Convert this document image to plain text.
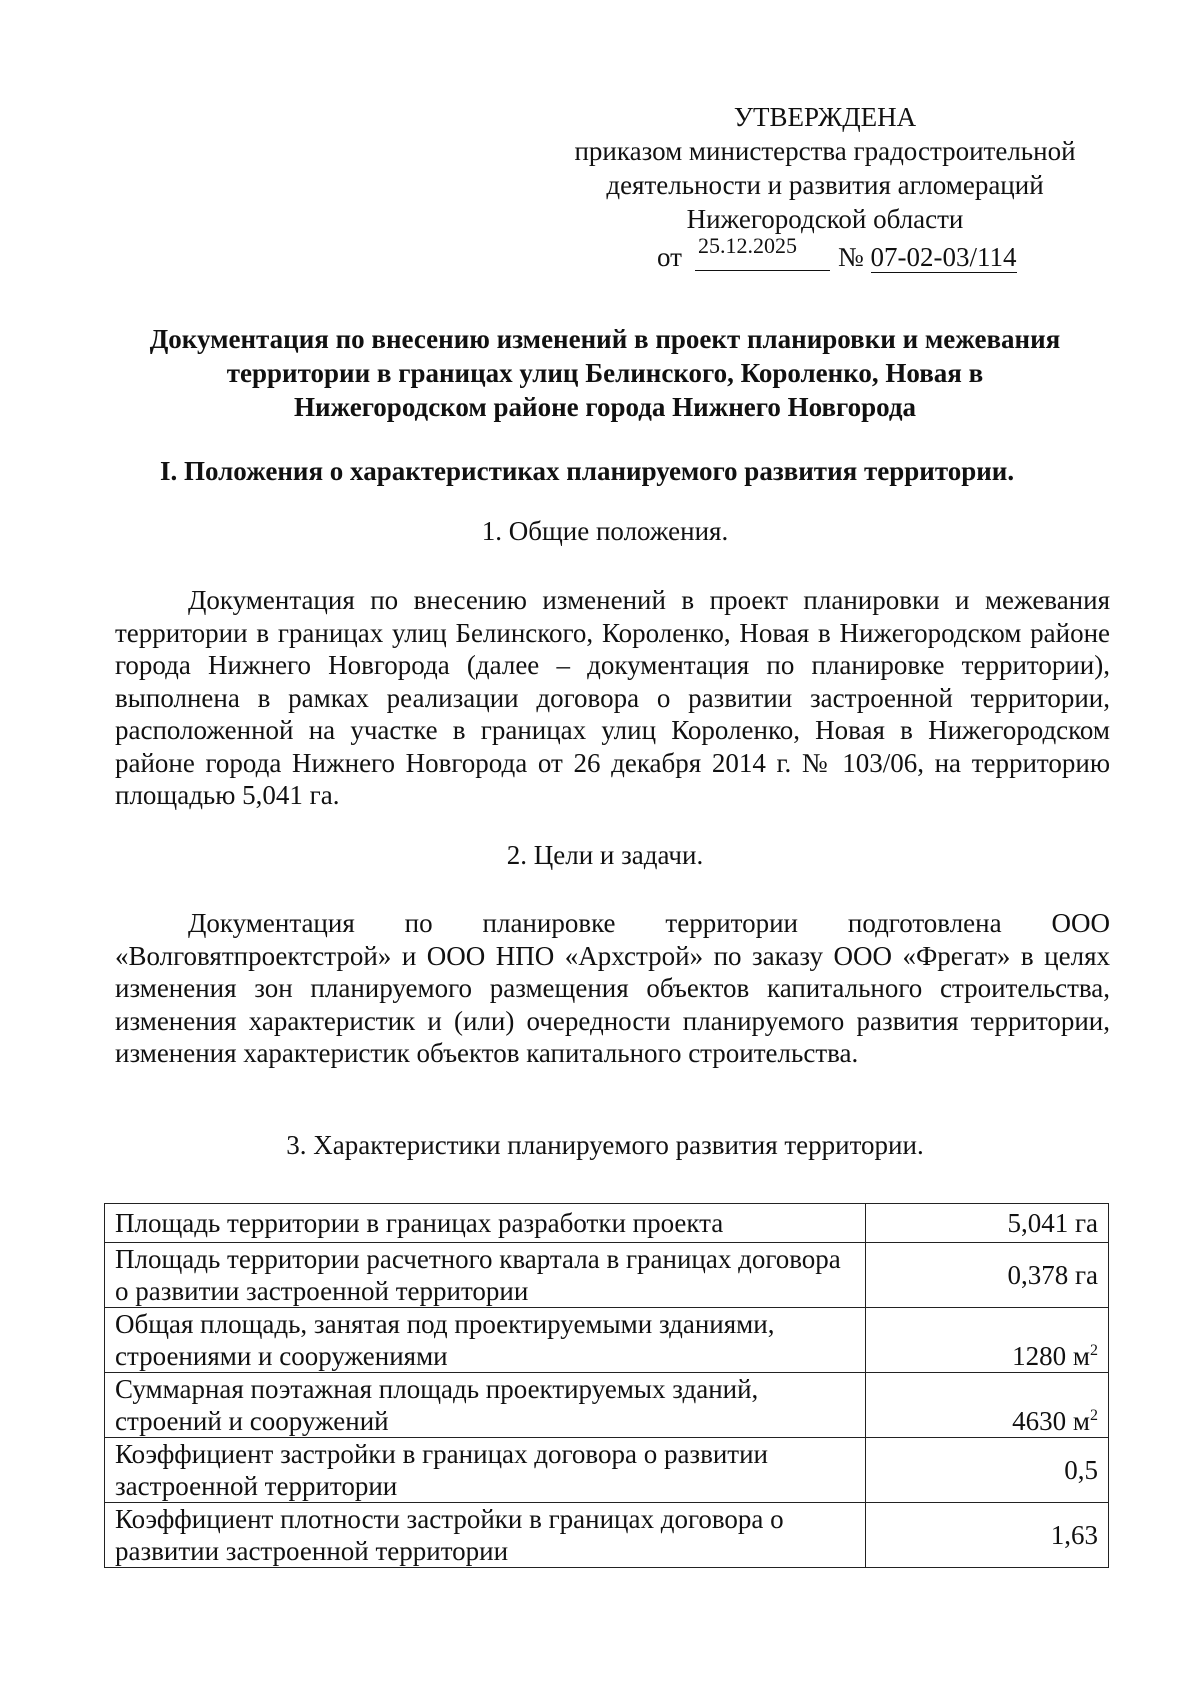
УТВЕРЖДЕНА
приказом министерства градостроительной
деятельности и развития агломераций
Нижегородской области
от 25.12.2025 № 07-02-03/114
Документация по внесению изменений в проект планировки и межевания
территории в границах улиц Белинского, Короленко, Новая в
Нижегородском районе города Нижнего Новгорода
I. Положения о характеристиках планируемого развития территории.
1. Общие положения.
Документация по внесению изменений в проект планировки и межевания территории в границах улиц Белинского, Короленко, Новая в Нижегородском районе города Нижнего Новгорода (далее – документация по планировке территории), выполнена в рамках реализации договора о развитии застроенной территории, расположенной на участке в границах улиц Короленко, Новая в Нижегородском районе города Нижнего Новгорода от 26 декабря 2014 г. № 103/06, на территорию площадью 5,041 га.
2. Цели и задачи.
Документация по планировке территории подготовлена ООО «Волговятпроектстрой» и ООО НПО «Архстрой» по заказу ООО «Фрегат» в целях изменения зон планируемого размещения объектов капитального строительства, изменения характеристик и (или) очередности планируемого развития территории, изменения характеристик объектов капитального строительства.
3. Характеристики планируемого развития территории.
Площадь территории в границах разработки проекта	5,041 га
Площадь территории расчетного квартала в границах договора о развитии застроенной территории	0,378 га
Общая площадь, занятая под проектируемыми зданиями, строениями и сооружениями	1280 $м^2$
Суммарная поэтажная площадь проектируемых зданий, строений и сооружений	4630 $м^2$
Коэффициент застройки в границах договора о развитии застроенной территории	0,5
Коэффициент плотности застройки в границах договора о развитии застроенной территории	1,63
